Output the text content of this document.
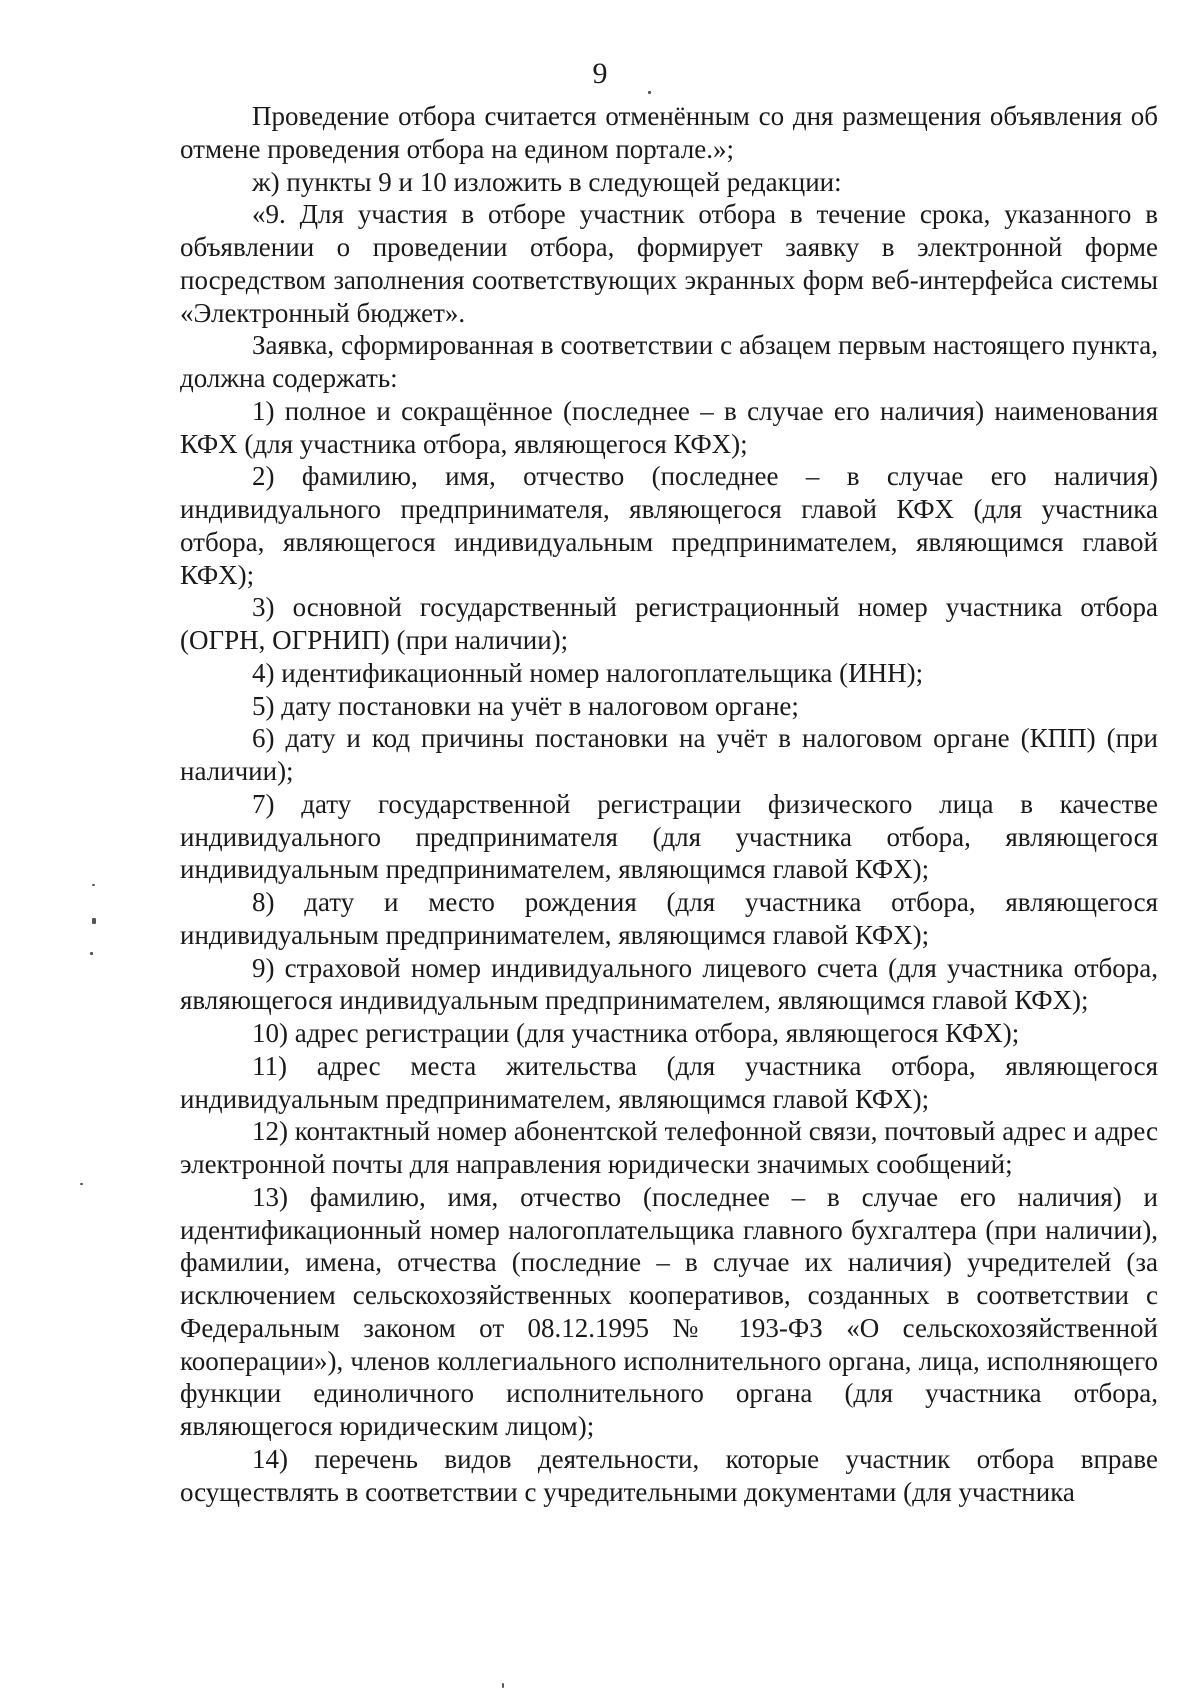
9

Проведение отбора считается отменённым со дня размещения объявления об отмене проведения отбора на едином портале.»;

ж) пункты 9 и 10 изложить в следующей редакции:

«9. Для участия в отборе участник отбора в течение срока, указанного в объявлении о проведении отбора, формирует заявку в электронной форме посредством заполнения соответствующих экранных форм веб-интерфейса системы «Электронный бюджет».

Заявка, сформированная в соответствии с абзацем первым настоящего пункта, должна содержать:

1) полное и сокращённое (последнее – в случае его наличия) наименования КФХ (для участника отбора, являющегося КФХ);

2) фамилию, имя, отчество (последнее – в случае его наличия) индивидуального предпринимателя, являющегося главой КФХ (для участника отбора, являющегося индивидуальным предпринимателем, являющимся главой КФХ);

3) основной государственный регистрационный номер участника отбора (ОГРН, ОГРНИП) (при наличии);

4) идентификационный номер налогоплательщика (ИНН);

5) дату постановки на учёт в налоговом органе;

6) дату и код причины постановки на учёт в налоговом органе (КПП) (при наличии);

7) дату государственной регистрации физического лица в качестве индивидуального предпринимателя (для участника отбора, являющегося индивидуальным предпринимателем, являющимся главой КФХ);

8) дату и место рождения (для участника отбора, являющегося индивидуальным предпринимателем, являющимся главой КФХ);

9) страховой номер индивидуального лицевого счета (для участника отбора, являющегося индивидуальным предпринимателем, являющимся главой КФХ);

10) адрес регистрации (для участника отбора, являющегося КФХ);

11) адрес места жительства (для участника отбора, являющегося индивидуальным предпринимателем, являющимся главой КФХ);

12) контактный номер абонентской телефонной связи, почтовый адрес и адрес электронной почты для направления юридически значимых сообщений;

13) фамилию, имя, отчество (последнее – в случае его наличия) и идентификационный номер налогоплательщика главного бухгалтера (при наличии), фамилии, имена, отчества (последние – в случае их наличия) учредителей (за исключением сельскохозяйственных кооперативов, созданных в соответствии с Федеральным законом от 08.12.1995 № 193-ФЗ «О сельскохозяйственной кооперации»), членов коллегиального исполнительного органа, лица, исполняющего функции единоличного исполнительного органа (для участника отбора, являющегося юридическим лицом);

14) перечень видов деятельности, которые участник отбора вправе осуществлять в соответствии с учредительными документами (для участника
